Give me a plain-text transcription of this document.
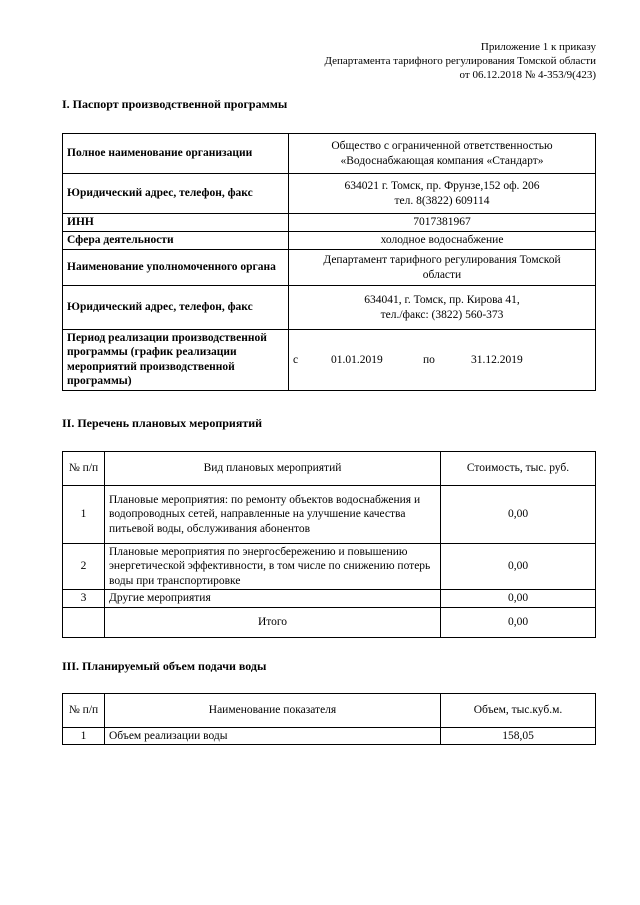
Приложение 1 к приказу
Департамента тарифного регулирования Томской области
от 06.12.2018 № 4-353/9(423)
I. Паспорт производственной программы
Полное наименование организации	Общество с ограниченной ответственностью
«Водоснабжающая компания «Стандарт»

Юридический адрес, телефон, факс	634021 г. Томск, пр. Фрунзе,152 оф. 206
тел. 8(3822) 609114

ИНН	7017381967
Сфера деятельности	холодное водоснабжение
Наименование уполномоченного органа	Департамент тарифного регулирования Томской
области

Юридический адрес, телефон, факс	634041, г. Томск, пр. Кирова 41,
тел./факс: (3822) 560-373

Период реализации производственной программы (график реализации мероприятий производственной программы)	с 01.01.2019 по 31.12.2019
II. Перечень плановых мероприятий
№ п/п	Вид плановых мероприятий	Стоимость, тыс. руб.
1	Плановые мероприятия: по ремонту объектов водоснабжения и водопроводных сетей, направленные на улучшение качества питьевой воды, обслуживания абонентов	0,00
2	Плановые мероприятия по энергосбережению и повышению энергетической эффективности, в том числе по снижению потерь воды при транспортировке	0,00
3	Другие мероприятия	0,00
	Итого	0,00
III. Планируемый объем подачи воды
№ п/п	Наименование показателя	Объем, тыс.куб.м.
1	Объем реализации воды	158,05
